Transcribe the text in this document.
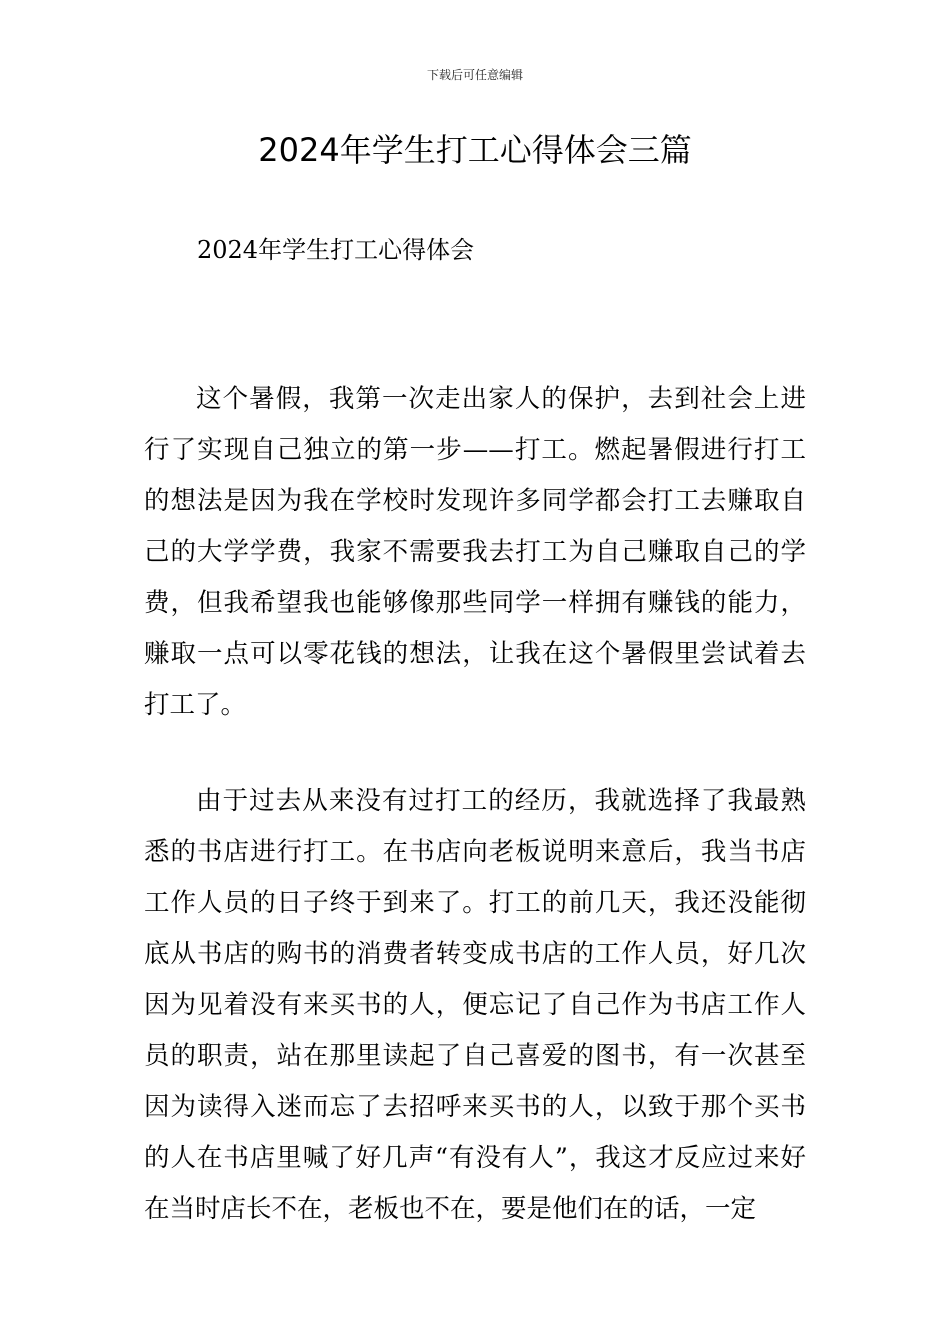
下载后可任意编辑
2024年学生打工心得体会三篇

2024年学生打工心得体会

这个暑假，我第一次走出家人的保护，去到社会上进行了实现自己独立的第一步——打工。燃起暑假进行打工的想法是因为我在学校时发现许多同学都会打工去赚取自己的大学学费，我家不需要我去打工为自己赚取自己的学费，但我希望我也能够像那些同学一样拥有赚钱的能力，赚取一点可以零花钱的想法，让我在这个暑假里尝试着去打工了。

由于过去从来没有过打工的经历，我就选择了我最熟悉的书店进行打工。在书店向老板说明来意后，我当书店工作人员的日子终于到来了。打工的前几天，我还没能彻底从书店的购书的消费者转变成书店的工作人员，好几次因为见着没有来买书的人，便忘记了自己作为书店工作人员的职责，站在那里读起了自己喜爱的图书，有一次甚至因为读得入迷而忘了去招呼来买书的人，以致于那个买书的人在书店里喊了好几声“有没有人”，我这才反应过来好在当时店长不在，老板也不在，要是他们在的话，一定
